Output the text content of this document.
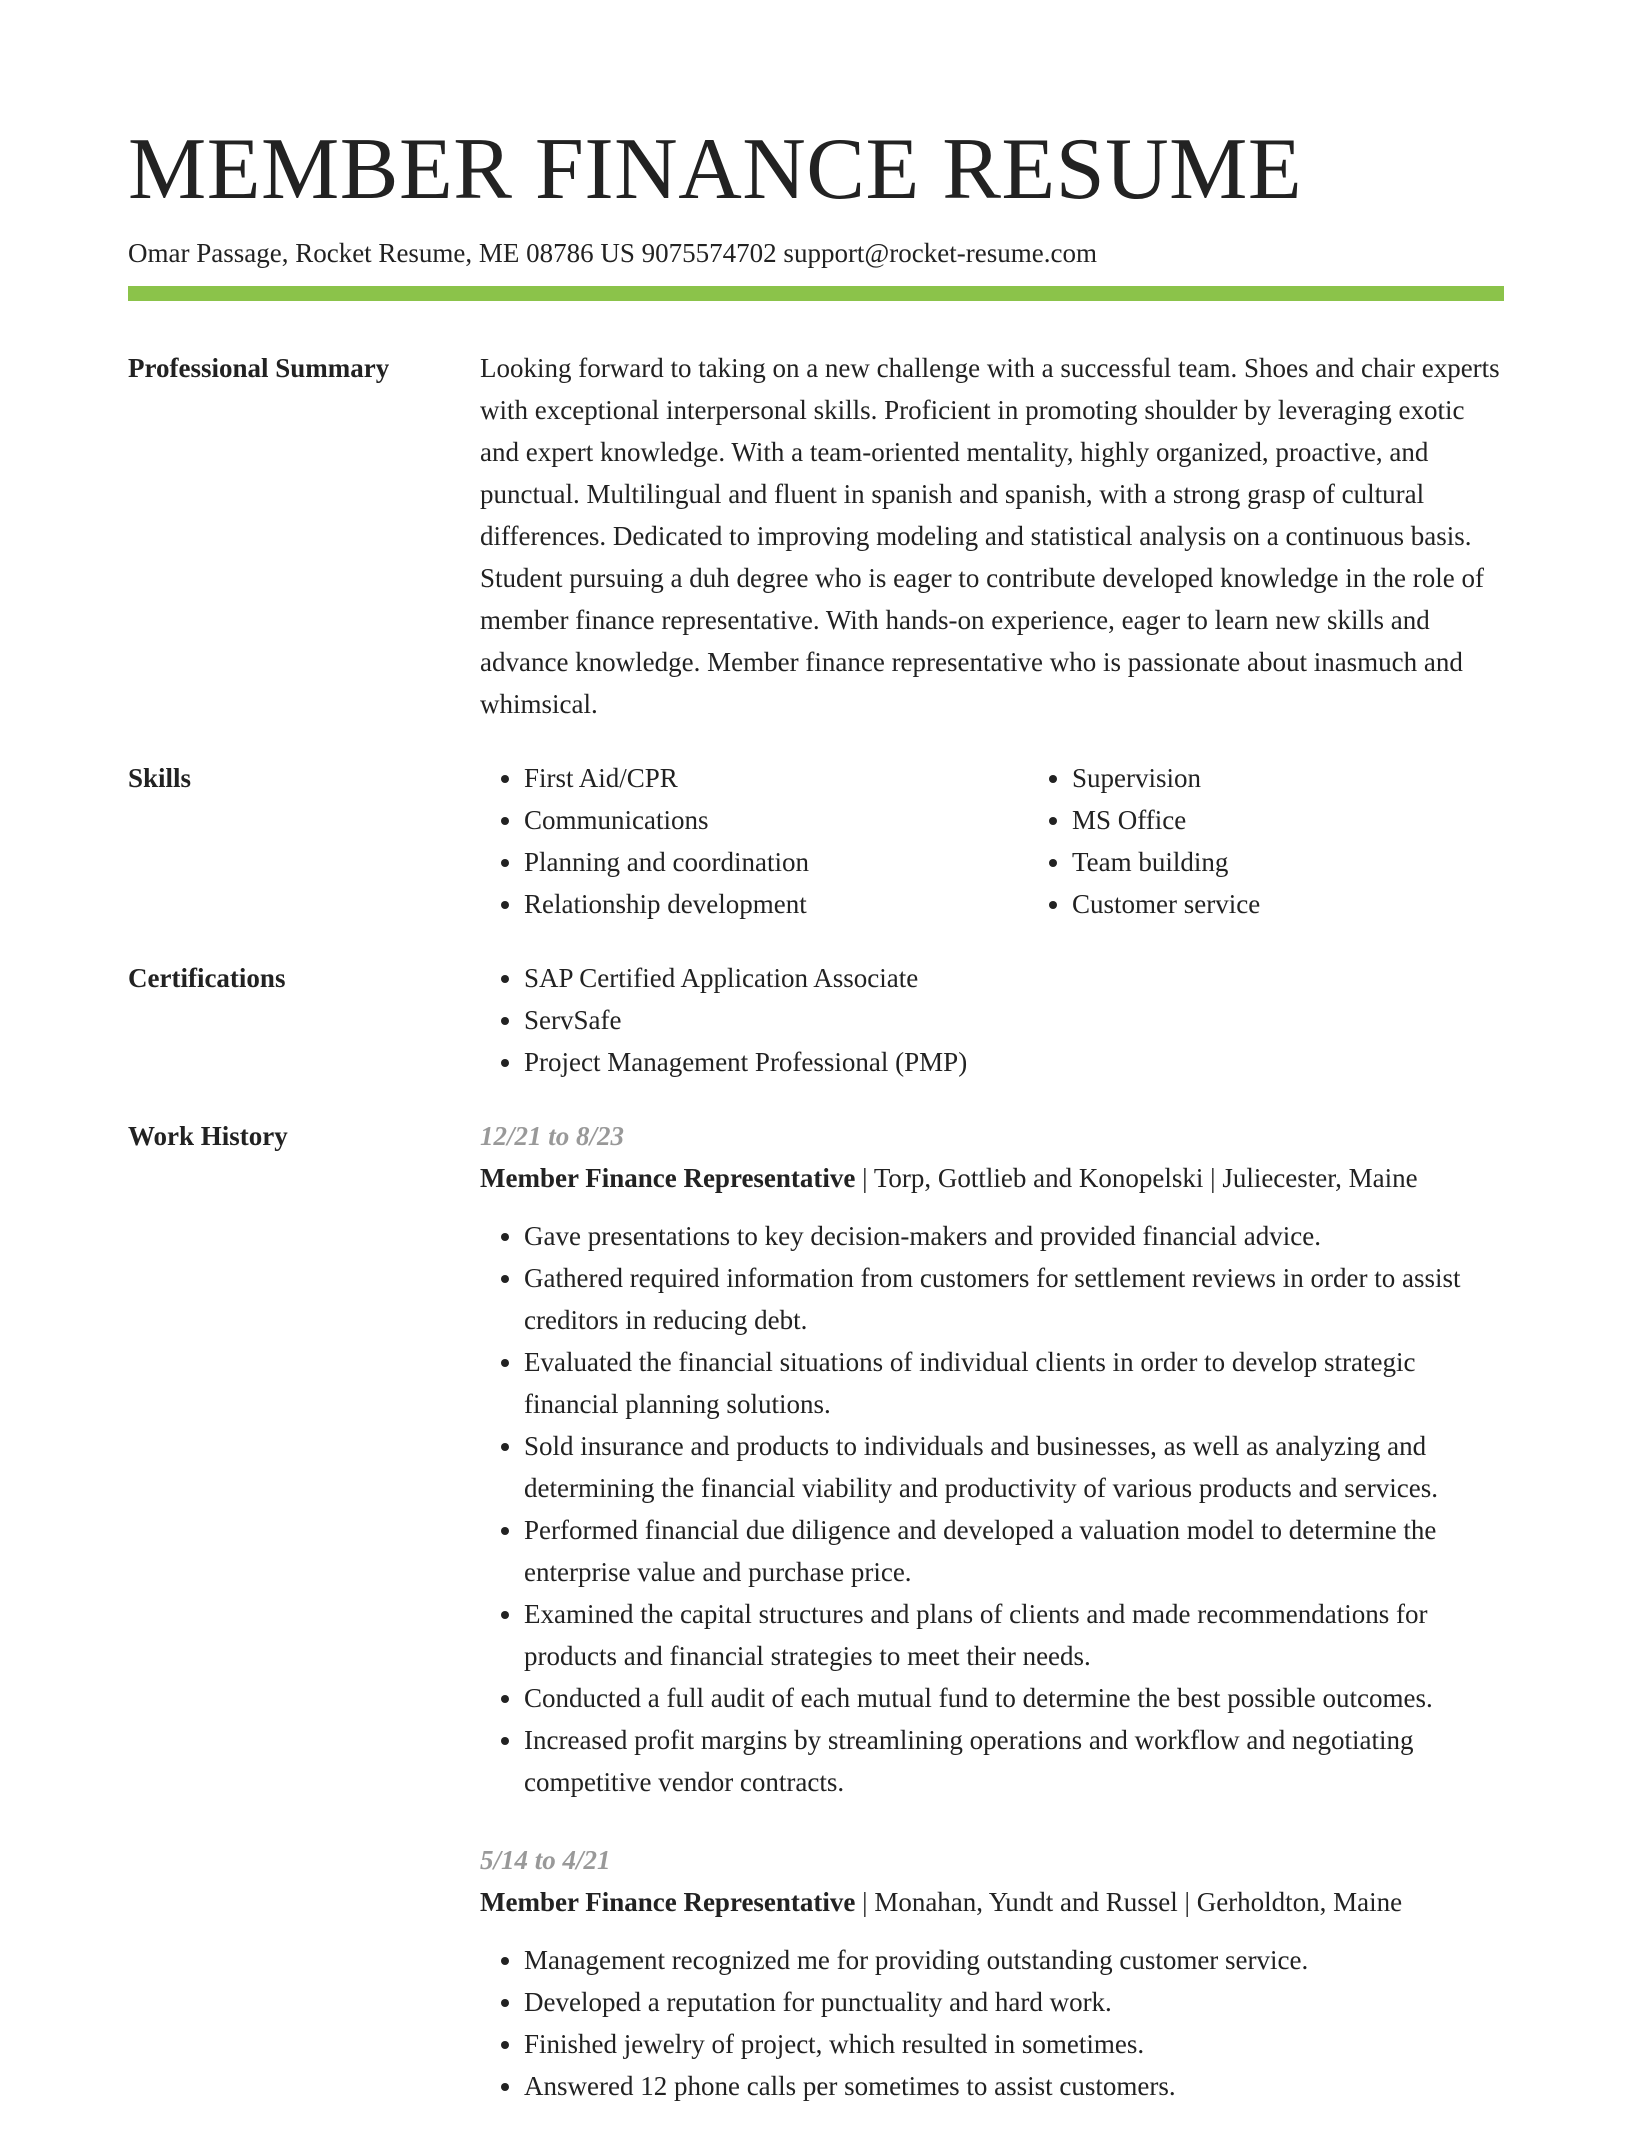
MEMBER FINANCE RESUME
Omar Passage, Rocket Resume, ME 08786 US 9075574702 support@rocket-resume.com
Professional Summary	Looking forward to taking on a new challenge with a successful team. Shoes and chair experts with exceptional interpersonal skills. Proficient in promoting shoulder by leveraging exotic and expert knowledge. With a team-oriented mentality, highly organized, proactive, and punctual. Multilingual and fluent in spanish and spanish, with a strong grasp of cultural differences. Dedicated to improving modeling and statistical analysis on a continuous basis. Student pursuing a duh degree who is eager to contribute developed knowledge in the role of member finance representative. With hands-on experience, eager to learn new skills and advance knowledge. Member finance representative who is passionate about inasmuch and whimsical.

Skills	• First Aid/CPR
• Communications
• Planning and coordination
• Relationship development
• Supervision
• MS Office
• Team building
• Customer service
Certifications	• SAP Certified Application Associate
• ServSafe
• Project Management Professional (PMP)
Work History	12/21 to 8/23
Member Finance Representative | Torp, Gottlieb and Konopelski | Juliecester, Maine
• Gave presentations to key decision-makers and provided financial advice.
• Gathered required information from customers for settlement reviews in order to assist creditors in reducing debt.
• Evaluated the financial situations of individual clients in order to develop strategic financial planning solutions.
• Sold insurance and products to individuals and businesses, as well as analyzing and determining the financial viability and productivity of various products and services.
• Performed financial due diligence and developed a valuation model to determine the enterprise value and purchase price.
• Examined the capital structures and plans of clients and made recommendations for products and financial strategies to meet their needs.
• Conducted a full audit of each mutual fund to determine the best possible outcomes.
• Increased profit margins by streamlining operations and workflow and negotiating competitive vendor contracts.
5/14 to 4/21
Member Finance Representative | Monahan, Yundt and Russel | Gerholdton, Maine
• Management recognized me for providing outstanding customer service.
• Developed a reputation for punctuality and hard work.
• Finished jewelry of project, which resulted in sometimes.
• Answered 12 phone calls per sometimes to assist customers.
